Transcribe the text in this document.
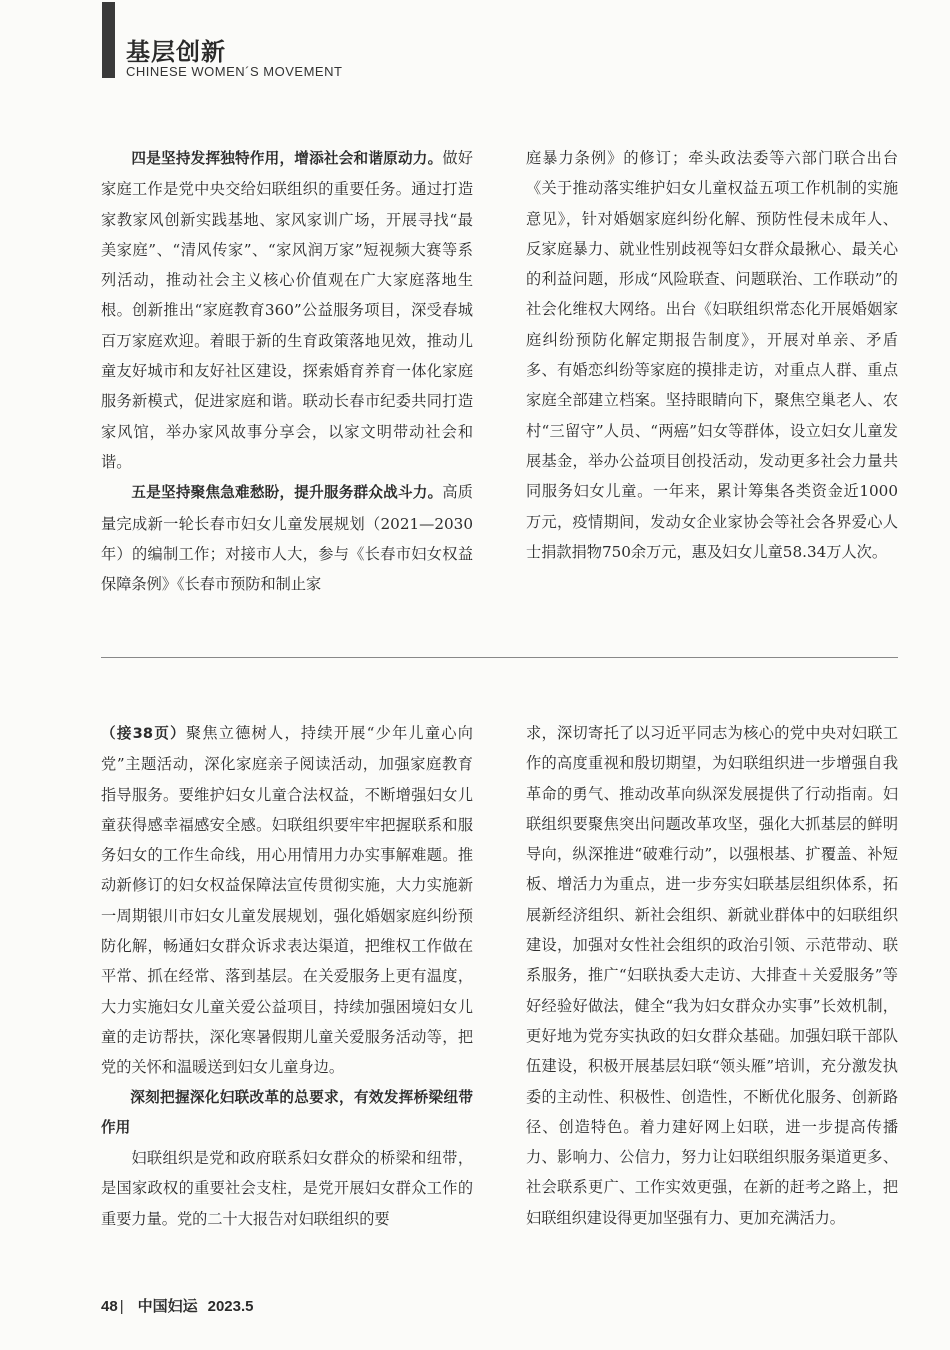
基层创新
CHINESE WOMEN´S MOVEMENT

四是坚持发挥独特作用，增添社会和谐原动力。做好家庭工作是党中央交给妇联组织的重要任务。通过打造家教家风创新实践基地、家风家训广场，开展寻找“最美家庭”、“清风传家”、“家风润万家”短视频大赛等系列活动，推动社会主义核心价值观在广大家庭落地生根。创新推出“家庭教育360”公益服务项目，深受春城百万家庭欢迎。着眼于新的生育政策落地见效，推动儿童友好城市和友好社区建设，探索婚育养育一体化家庭服务新模式，促进家庭和谐。联动长春市纪委共同打造家风馆，举办家风故事分享会，以家文明带动社会和谐。

五是坚持聚焦急难愁盼，提升服务群众战斗力。高质量完成新一轮长春市妇女儿童发展规划（2021—2030年）的编制工作；对接市人大，参与《长春市妇女权益保障条例》《长春市预防和制止家

庭暴力条例》的修订；牵头政法委等六部门联合出台《关于推动落实维护妇女儿童权益五项工作机制的实施意见》，针对婚姻家庭纠纷化解、预防性侵未成年人、反家庭暴力、就业性别歧视等妇女群众最揪心、最关心的利益问题，形成“风险联查、问题联治、工作联动”的社会化维权大网络。出台《妇联组织常态化开展婚姻家庭纠纷预防化解定期报告制度》，开展对单亲、矛盾多、有婚恋纠纷等家庭的摸排走访，对重点人群、重点家庭全部建立档案。坚持眼睛向下，聚焦空巢老人、农村“三留守”人员、“两癌”妇女等群体，设立妇女儿童发展基金，举办公益项目创投活动，发动更多社会力量共同服务妇女儿童。一年来，累计筹集各类资金近1000万元，疫情期间，发动女企业家协会等社会各界爱心人士捐款捐物750余万元，惠及妇女儿童58.34万人次。

（接38页）聚焦立德树人，持续开展“少年儿童心向党”主题活动，深化家庭亲子阅读活动，加强家庭教育指导服务。要维护妇女儿童合法权益，不断增强妇女儿童获得感幸福感安全感。妇联组织要牢牢把握联系和服务妇女的工作生命线，用心用情用力办实事解难题。推动新修订的妇女权益保障法宣传贯彻实施，大力实施新一周期银川市妇女儿童发展规划，强化婚姻家庭纠纷预防化解，畅通妇女群众诉求表达渠道，把维权工作做在平常、抓在经常、落到基层。在关爱服务上更有温度，大力实施妇女儿童关爱公益项目，持续加强困境妇女儿童的走访帮扶，深化寒暑假期儿童关爱服务活动等，把党的关怀和温暖送到妇女儿童身边。

深刻把握深化妇联改革的总要求，有效发挥桥梁纽带作用

妇联组织是党和政府联系妇女群众的桥梁和纽带，是国家政权的重要社会支柱，是党开展妇女群众工作的重要力量。党的二十大报告对妇联组织的要

求，深切寄托了以习近平同志为核心的党中央对妇联工作的高度重视和殷切期望，为妇联组织进一步增强自我革命的勇气、推动改革向纵深发展提供了行动指南。妇联组织要聚焦突出问题改革攻坚，强化大抓基层的鲜明导向，纵深推进“破难行动”，以强根基、扩覆盖、补短板、增活力为重点，进一步夯实妇联基层组织体系，拓展新经济组织、新社会组织、新就业群体中的妇联组织建设，加强对女性社会组织的政治引领、示范带动、联系服务，推广“妇联执委大走访、大排查＋关爱服务”等好经验好做法，健全“我为妇女群众办实事”长效机制，更好地为党夯实执政的妇女群众基础。加强妇联干部队伍建设，积极开展基层妇联“领头雁”培训，充分激发执委的主动性、积极性、创造性，不断优化服务、创新路径、创造特色。着力建好网上妇联，进一步提高传播力、影响力、公信力，努力让妇联组织服务渠道更多、社会联系更广、工作实效更强，在新的赶考之路上，把妇联组织建设得更加坚强有力、更加充满活力。

48 | 中国妇运 2023.5
